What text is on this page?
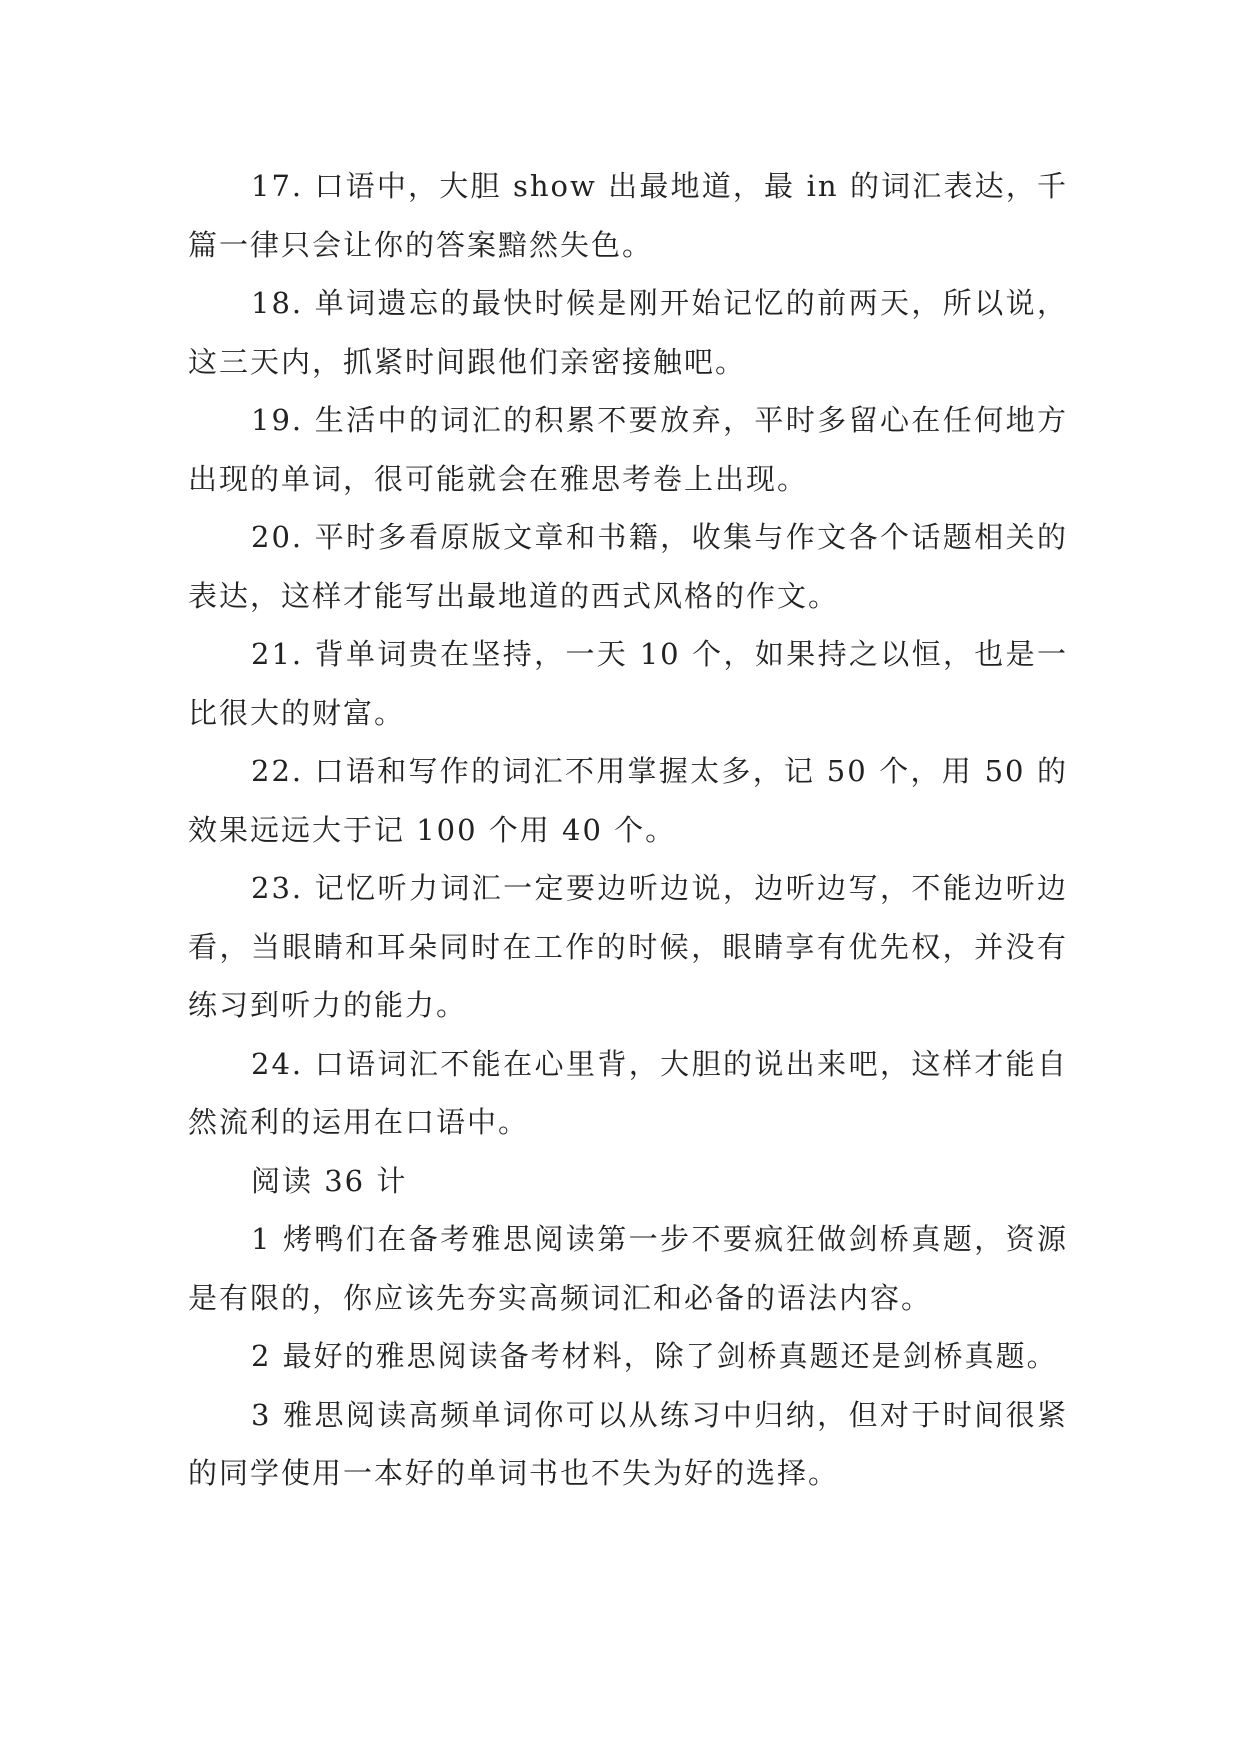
17. 口语中，大胆 show 出最地道，最 in 的词汇表达，千篇一律只会让你的答案黯然失色。

18. 单词遗忘的最快时候是刚开始记忆的前两天，所以说，这三天内，抓紧时间跟他们亲密接触吧。

19. 生活中的词汇的积累不要放弃，平时多留心在任何地方出现的单词，很可能就会在雅思考卷上出现。

20. 平时多看原版文章和书籍，收集与作文各个话题相关的表达，这样才能写出最地道的西式风格的作文。

21. 背单词贵在坚持，一天 10 个，如果持之以恒，也是一比很大的财富。

22. 口语和写作的词汇不用掌握太多，记 50 个，用 50 的效果远远大于记 100 个用 40 个。

23. 记忆听力词汇一定要边听边说，边听边写，不能边听边看，当眼睛和耳朵同时在工作的时候，眼睛享有优先权，并没有练习到听力的能力。

24. 口语词汇不能在心里背，大胆的说出来吧，这样才能自然流利的运用在口语中。

阅读 36 计

1 烤鸭们在备考雅思阅读第一步不要疯狂做剑桥真题，资源是有限的，你应该先夯实高频词汇和必备的语法内容。

2 最好的雅思阅读备考材料，除了剑桥真题还是剑桥真题。

3 雅思阅读高频单词你可以从练习中归纳，但对于时间很紧的同学使用一本好的单词书也不失为好的选择。
